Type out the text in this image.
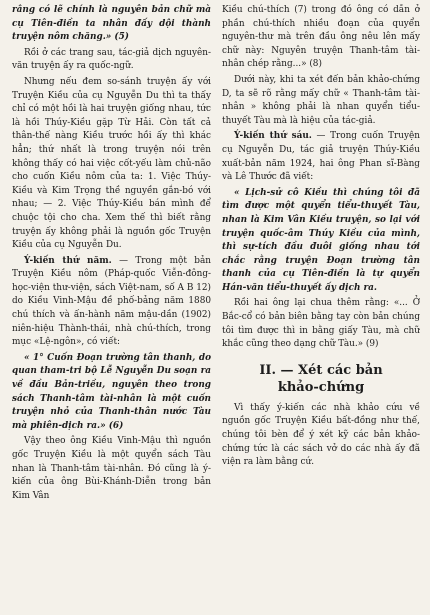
rằng có lẽ chính là nguyên bản chữ mà cụ Tiên-điền ta nhân đấy dội thành truyện nôm chăng.» (5)

Rồi ở các trang sau, tác-giả dịch nguyên-văn truyện ấy ra quốc-ngữ.

Nhưng nếu đem so-sánh truyện ấy với Truyện Kiều của cụ Nguyễn Du thì ta thấy chỉ có một hồi là hai truyện giống nhau, tức là hồi Thúy-Kiều gặp Từ Hải. Còn tất cả thân-thế nàng Kiều trước hồi ấy thì khác hẳn; thứ nhất là trong truyện nói trên không thấy có hai việc cốt-yếu làm chủ-não cho cuốn Kiều nôm của ta: 1. Việc Thúy-Kiều và Kim Trọng thề nguyền gắn-bó với nhau; — 2. Việc Thúy-Kiều bán mình để chuộc tội cho cha. Xem thế thì biết rằng truyện ấy không phải là nguồn gốc Truyện Kiều của cụ Nguyễn Du.

Ý-kiến thứ năm. — Trong một bản Truyện Kiều nôm (Pháp-quốc Viễn-đông-học-viện thư-viện, sách Việt-nam, số A B 12) do Kiều Vinh-Mậu đề phố-bảng năm 1880 chú thích và ấn-hành năm mậu-dần (1902) niên-hiệu Thành-thái, nhà chú-thích, trong mục «Lệ-ngôn», có viết:

« 1° Cuốn Đoạn trường tân thanh, do quan tham-tri bộ Lễ Nguyễn Du soạn ra về đầu Bản-triều, nguyên theo trong sách Thanh-tâm tài-nhân là một cuốn truyện nhỏ của Thanh-thân nước Tàu mà phiên-dịch ra.» (6)

Vậy theo ông Kiều Vinh-Mậu thì nguồn gốc Truyện Kiều là một quyển sách Tàu nhan là Thanh-tâm tài-nhân. Đó cũng là ý-kiến của ông Bùi-Khánh-Diễn trong bản Kim Vân

Kiều chú-thích (7) trong đó ông có dẫn ở phần chú-thích nhiều đoạn của quyển nguyên-thư mà trên đầu ông nêu lên mấy chữ này: Nguyên truyện Thanh-tâm tài-nhân chép rằng...» (8)

Dưới này, khi ta xét đến bản khảo-chứng D, ta sẽ rõ rằng mấy chữ « Thanh-tâm tài-nhân » không phải là nhan quyển tiểu-thuyết Tàu mà là hiệu của tác-giả.

Ý-kiến thứ sáu. — Trong cuốn Truyện cụ Nguyễn Du, tác giả truyện Thúy-Kiều xuất-bản năm 1924, hai ông Phan sĩ-Bàng và Lê Thước đã viết:

« Lịch-sử cô Kiều thì chúng tôi đã tìm được một quyển tiểu-thuyết Tàu, nhan là Kim Vân Kiều truyện, so lại với truyện quốc-âm Thúy Kiều của mình, thì sự-tích đầu đuôi giống nhau tới chắc rằng truyện Đoạn trường tân thanh của cụ Tiên-điền là tự quyển Hán-văn tiểu-thuyết ấy dịch ra.

Rồi hai ông lại chua thêm rằng: «... Ở Bắc-cổ có bản biên bằng tay còn bản chúng tôi tìm được thì in bằng giấy Tàu, mà chữ khắc cũng theo dạng chữ Tàu.» (9)

II. — Xét các bản
khảo-chứng

Vì thấy ý-kiến các nhà khảo cứu về nguồn gốc Truyện Kiều bất-đồng như thế, chúng tôi bèn để ý xét kỹ các bản khảo-chứng tức là các sách vở do các nhà ấy đã viện ra làm bằng cứ.
